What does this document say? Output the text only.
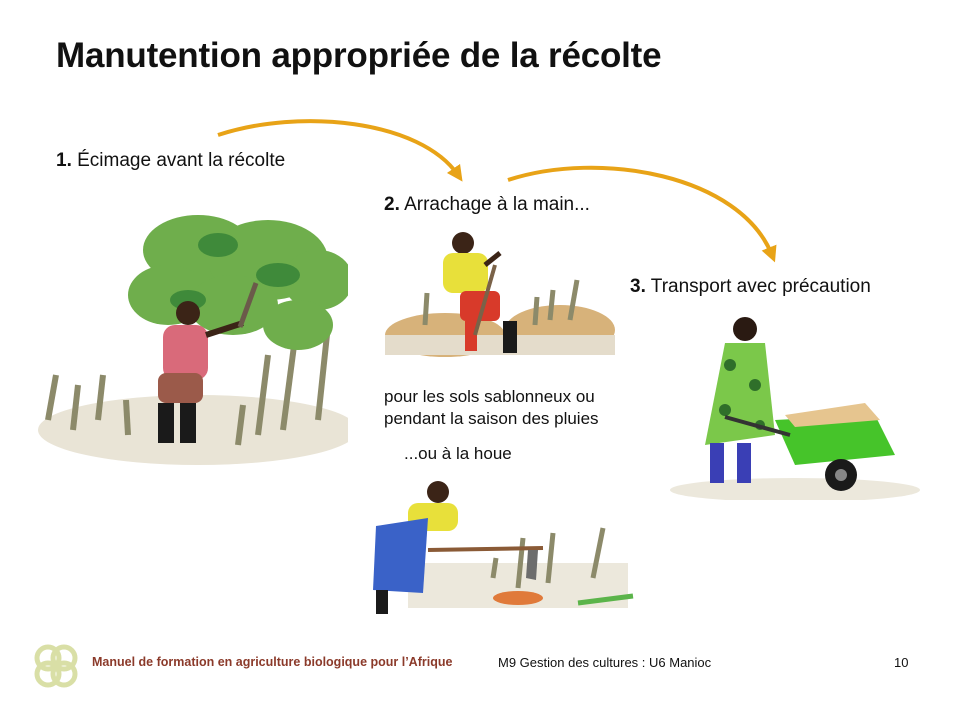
Manutention appropriée de la récolte
1. Écimage avant la récolte
2. Arrachage à la main...
3. Transport avec précaution
pour les sols sablonneux ou
pendant la saison des pluies
...ou à la houe
Manuel de formation en agriculture biologique pour l’Afrique	M9 Gestion des cultures : U6 Manioc	10
